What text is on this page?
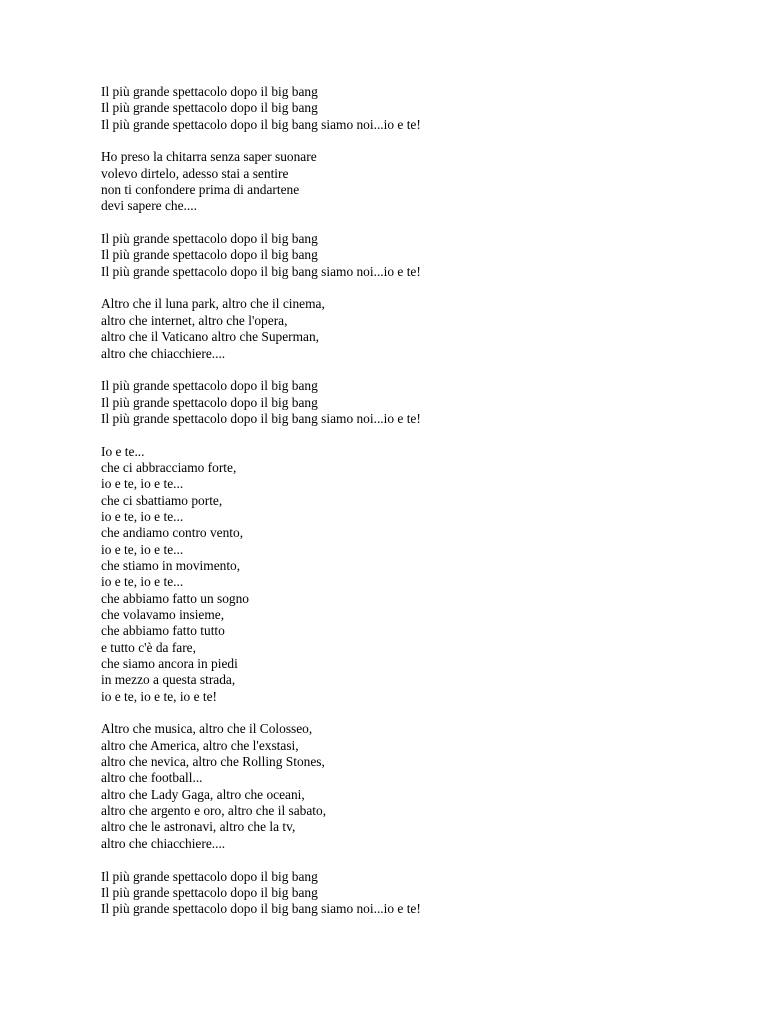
Il più grande spettacolo dopo il big bang
Il più grande spettacolo dopo il big bang
Il più grande spettacolo dopo il big bang siamo noi...io e te!
Ho preso la chitarra senza saper suonare
volevo dirtelo, adesso stai a sentire
non ti confondere prima di andartene
devi sapere che....
Il più grande spettacolo dopo il big bang
Il più grande spettacolo dopo il big bang
Il più grande spettacolo dopo il big bang siamo noi...io e te!
Altro che il luna park, altro che il cinema,
altro che internet, altro che l'opera,
altro che il Vaticano altro che Superman,
altro che chiacchiere....
Il più grande spettacolo dopo il big bang
Il più grande spettacolo dopo il big bang
Il più grande spettacolo dopo il big bang siamo noi...io e te!
Io e te...
che ci abbracciamo forte,
io e te, io e te...
che ci sbattiamo porte,
io e te, io e te...
che andiamo contro vento,
io e te, io e te...
che stiamo in movimento,
io e te, io e te...
che abbiamo fatto un sogno
che volavamo insieme,
che abbiamo fatto tutto
e tutto c'è da fare,
che siamo ancora in piedi
in mezzo a questa strada,
io e te, io e te, io e te!
Altro che musica, altro che il Colosseo,
altro che America, altro che l'exstasi,
altro che nevica, altro che Rolling Stones,
altro che football...
altro che Lady Gaga, altro che oceani,
altro che argento e oro, altro che il sabato,
altro che le astronavi, altro che la tv,
altro che chiacchiere....
Il più grande spettacolo dopo il big bang
Il più grande spettacolo dopo il big bang
Il più grande spettacolo dopo il big bang siamo noi...io e te!
